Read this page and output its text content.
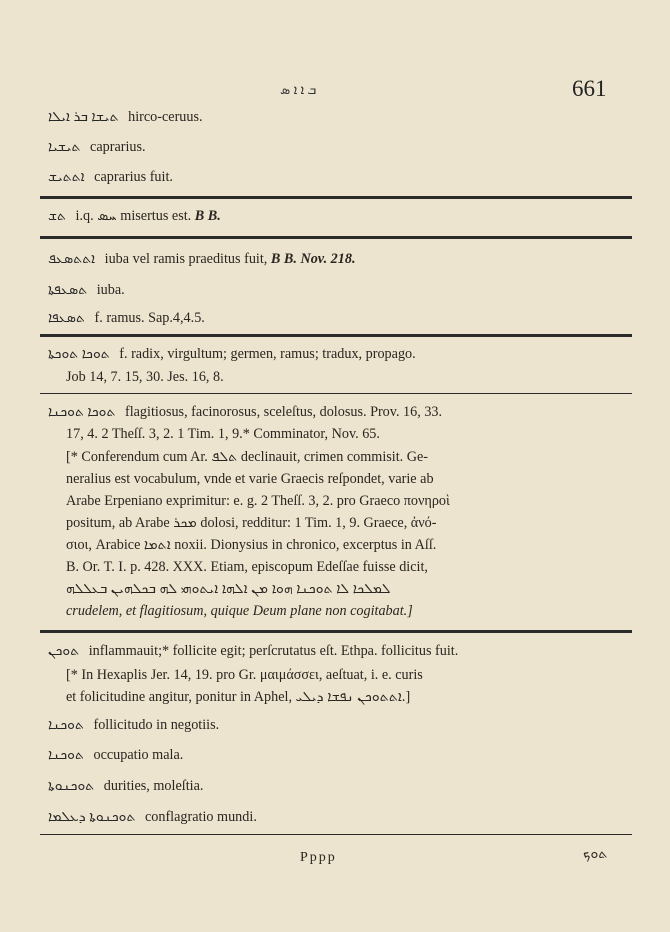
ܒ ܐ ܐ ܣ	661
ܬܝܫܐ ܒܪ ܐܝܠܐ hirco-ceruus.
ܬܝܫܝܐ caprarius.
ܐܬܬܝܫ caprarius fuit.
ܬܫ i.q. ܚܣ misertus est. B B.
ܐܬܬܣܥܦ iuba vel ramis praeditus fuit, B B. Nov. 218.
ܬܣܥܦܬܐ iuba.
ܬܣܥܦܐ f. ramus. Sap.4,4.5.
ܬܘܟܐ ܬܘܟܬܐ f. radix, virgultum; germen, ramus; tradux, propago.
Job 14, 7. 15, 30. Jes. 16, 8.
ܬܘܟܐ ܬܘܟܢܐ flagitiosus, facinorosus, sceleſtus, dolosus. Prov. 16, 33.
17, 4. 2 Theſſ. 3, 2. 1 Tim. 1, 9.* Comminator, Nov. 65.
[* Conferendum cum Ar. ܬܠܦ declinauit, crimen commisit. Ge-
neralius est vocabulum, vnde et varie Graecis reſpondet, varie ab
Arabe Erpeniano exprimitur: e. g. 2 Theſſ. 3, 2. pro Graeco πονηροὶ
positum, ab Arabe ܡܟܪ dolosi, redditur: 1 Tim. 1, 9. Graece, ἀνό-
σιοι, Arabice ܐܬܡܐ noxii. Dionysius in chronico, excerptus in Aſſ.
B. Or. T. I. p. 428. XXX. Etiam, episcopum Edeſſae fuisse dicit,
ܠܡܠܟܐ ܠܐ ܬܘܟܢܐ ܗܘܐ ܡܢ ܐܠܗܐ ܐܝܬܘܗܝ ܠܗ ܒܟܠܗܝܢ ܒܥܠܠܗ
crudelem, et flagitiosum, quique Deum plane non cogitabat.]
ܬܘܟܢ inflammauit;* follicite egit; perſcrutatus eſt. Ethpa. follicitus fuit.
[* In Hexaplis Jer. 14, 19. pro Gr. μαιμάσσει, aeſtuat, i. e. curis
et folicitudine angitur, ponitur in Aphel, ܐܬܬܘܟܢ ܢܦܫܐ ܕܝܠܝ.]
ܬܘܟܢܐ follicitudo in negotiis.
ܬܘܟܢܐ occupatio mala.
ܬܘܟܢܘܬܐ durities, moleſtia.
ܬܘܟܢܘܬܐ ܕܥܠܡܐ conflagratio mundi.
Pppp	ܬܘܟ
